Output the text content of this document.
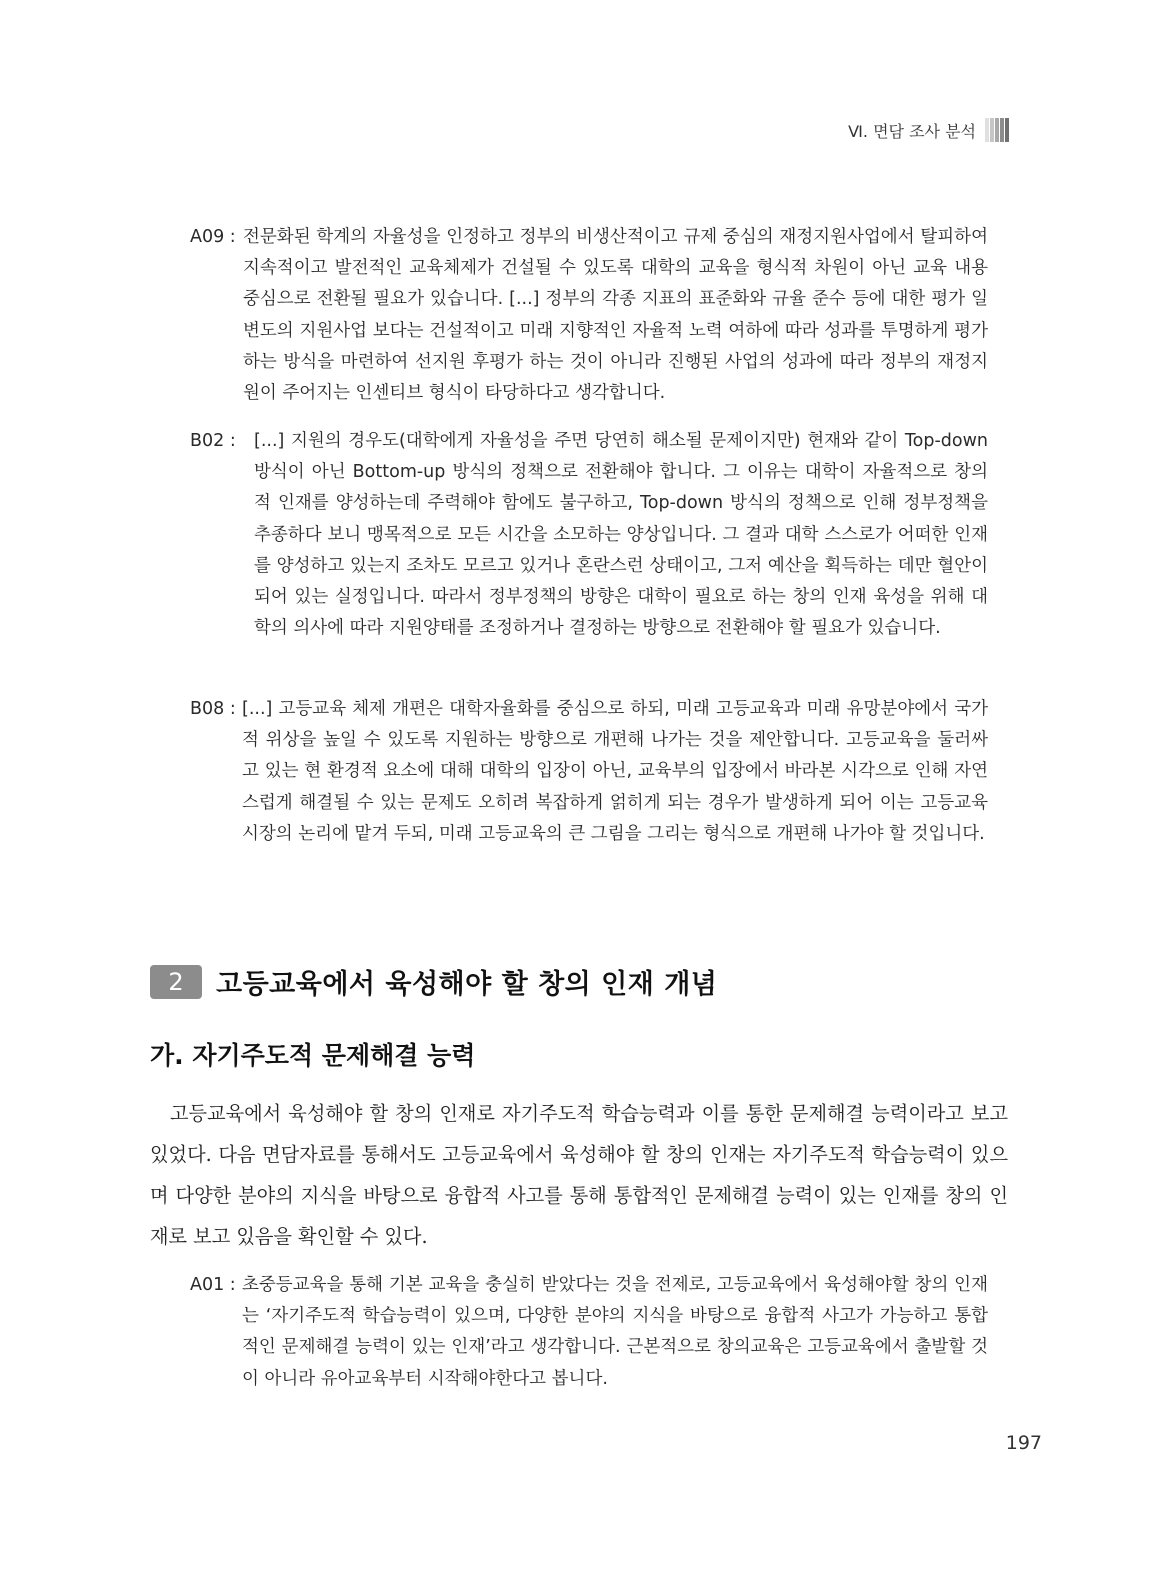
Ⅵ. 면담 조사 분석
A09 : 전문화된 학계의 자율성을 인정하고 정부의 비생산적이고 규제 중심의 재정지원사업에서 탈피하여 지속적이고 발전적인 교육체제가 건설될 수 있도록 대학의 교육을 형식적 차원이 아닌 교육 내용 중심으로 전환될 필요가 있습니다. [...] 정부의 각종 지표의 표준화와 규율 준수 등에 대한 평가 일변도의 지원사업 보다는 건설적이고 미래 지향적인 자율적 노력 여하에 따라 성과를 투명하게 평가하는 방식을 마련하여 선지원 후평가 하는 것이 아니라 진행된 사업의 성과에 따라 정부의 재정지원이 주어지는 인센티브 형식이 타당하다고 생각합니다.
B02 : [...] 지원의 경우도(대학에게 자율성을 주면 당연히 해소될 문제이지만) 현재와 같이 Top-down 방식이 아닌 Bottom-up 방식의 정책으로 전환해야 합니다. 그 이유는 대학이 자율적으로 창의적 인재를 양성하는데 주력해야 함에도 불구하고, Top-down 방식의 정책으로 인해 정부정책을 추종하다 보니 맹목적으로 모든 시간을 소모하는 양상입니다. 그 결과 대학 스스로가 어떠한 인재를 양성하고 있는지 조차도 모르고 있거나 혼란스런 상태이고, 그저 예산을 획득하는 데만 혈안이 되어 있는 실정입니다. 따라서 정부정책의 방향은 대학이 필요로 하는 창의 인재 육성을 위해 대학의 의사에 따라 지원양태를 조정하거나 결정하는 방향으로 전환해야 할 필요가 있습니다.
B08 : [...] 고등교육 체제 개편은 대학자율화를 중심으로 하되, 미래 고등교육과 미래 유망분야에서 국가적 위상을 높일 수 있도록 지원하는 방향으로 개편해 나가는 것을 제안합니다. 고등교육을 둘러싸고 있는 현 환경적 요소에 대해 대학의 입장이 아닌, 교육부의 입장에서 바라본 시각으로 인해 자연스럽게 해결될 수 있는 문제도 오히려 복잡하게 얽히게 되는 경우가 발생하게 되어 이는 고등교육 시장의 논리에 맡겨 두되, 미래 고등교육의 큰 그림을 그리는 형식으로 개편해 나가야 할 것입니다.
2	고등교육에서 육성해야 할 창의 인재 개념
가. 자기주도적 문제해결 능력
고등교육에서 육성해야 할 창의 인재로 자기주도적 학습능력과 이를 통한 문제해결 능력이라고 보고 있었다. 다음 면담자료를 통해서도 고등교육에서 육성해야 할 창의 인재는 자기주도적 학습능력이 있으며 다양한 분야의 지식을 바탕으로 융합적 사고를 통해 통합적인 문제해결 능력이 있는 인재를 창의 인재로 보고 있음을 확인할 수 있다.
A01 : 초중등교육을 통해 기본 교육을 충실히 받았다는 것을 전제로, 고등교육에서 육성해야할 창의 인재는 ‘자기주도적 학습능력이 있으며, 다양한 분야의 지식을 바탕으로 융합적 사고가 가능하고 통합적인 문제해결 능력이 있는 인재’라고 생각합니다. 근본적으로 창의교육은 고등교육에서 출발할 것이 아니라 유아교육부터 시작해야한다고 봅니다.
197
